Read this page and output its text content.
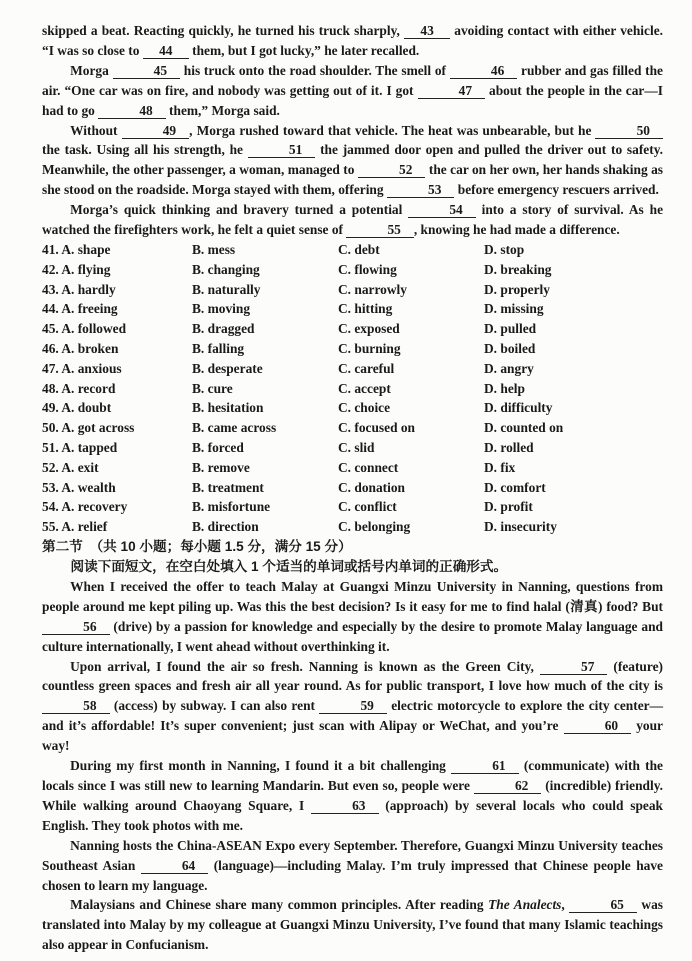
skipped a beat. Reacting quickly, he turned his truck sharply, 43 avoiding contact with either vehicle. “I was so close to 44 them, but I got lucky,” he later recalled.

Morga	45 his truck onto the road shoulder. The smell of	46 rubber and gas filled the air. “One car was on fire, and nobody was getting out of it. I got	47 about the people in the car—I had to go	48 them,” Morga said.

Without	49 , Morga rushed toward that vehicle. The heat was unbearable, but he	50 the task. Using all his strength, he	51 the jammed door open and pulled the driver out to safety. Meanwhile, the other passenger, a woman, managed to	52 the car on her own, her hands shaking as she stood on the roadside. Morga stayed with them, offering	53 before emergency rescuers arrived.

Morga’s quick thinking and bravery turned a potential	54 into a story of survival. As he watched the firefighters work, he felt a quiet sense of	55 , knowing he had made a difference.

41. A. shape	B. mess	C. debt	D. stop
42. A. flying	B. changing	C. flowing	D. breaking
43. A. hardly	B. naturally	C. narrowly	D. properly
44. A. freeing	B. moving	C. hitting	D. missing
45. A. followed	B. dragged	C. exposed	D. pulled
46. A. broken	B. falling	C. burning	D. boiled
47. A. anxious	B. desperate	C. careful	D. angry
48. A. record	B. cure	C. accept	D. help
49. A. doubt	B. hesitation	C. choice	D. difficulty
50. A. got across	B. came across	C. focused on	D. counted on
51. A. tapped	B. forced	C. slid	D. rolled
52. A. exit	B. remove	C. connect	D. fix
53. A. wealth	B. treatment	C. donation	D. comfort
54. A. recovery	B. misfortune	C. conflict	D. profit
55. A. relief	B. direction	C. belonging	D. insecurity

第二节　（共 10 小题；每小题 1.5 分，满分 15 分）

阅读下面短文，在空白处填入 1 个适当的单词或括号内单词的正确形式。

When I received the offer to teach Malay at Guangxi Minzu University in Nanning, questions from people around me kept piling up. Was this the best decision? Is it easy for me to find halal (清真) food? But 56 (drive) by a passion for knowledge and especially by the desire to promote Malay language and culture internationally, I went ahead without overthinking it.

Upon arrival, I found the air so fresh. Nanning is known as the Green City,	57 (feature) countless green spaces and fresh air all year round. As for public transport, I love how much of the city is 58 (access) by subway. I can also rent	59 electric motorcycle to explore the city center—and it’s affordable! It’s super convenient; just scan with Alipay or WeChat, and you’re	60 your way!

During my first month in Nanning, I found it a bit challenging	61 (communicate) with the locals since I was still new to learning Mandarin. But even so, people were	62 (incredible) friendly. While walking around Chaoyang Square, I	63 (approach) by several locals who could speak English. They took photos with me.

Nanning hosts the China-ASEAN Expo every September. Therefore, Guangxi Minzu University teaches Southeast Asian	64 (language)—including Malay. I’m truly impressed that Chinese people have chosen to learn my language.

Malaysians and Chinese share many common principles. After reading The Analects,	65 was translated into Malay by my colleague at Guangxi Minzu University, I’ve found that many Islamic teachings also appear in Confucianism.
